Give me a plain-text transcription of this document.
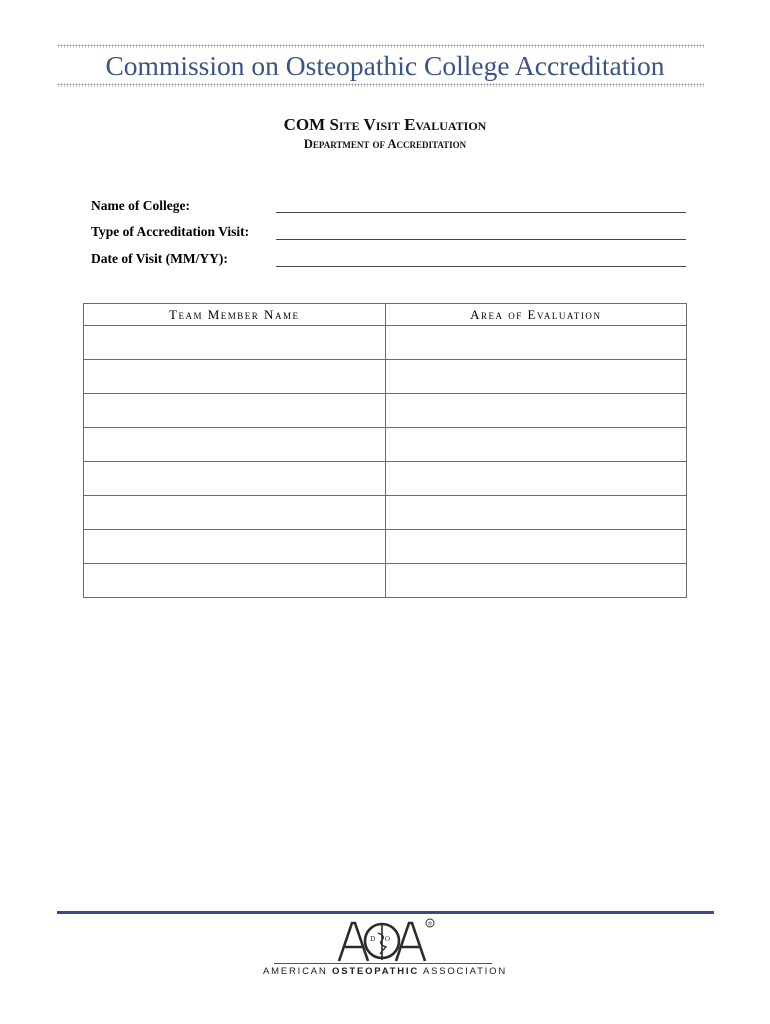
Commission on Osteopathic College Accreditation
COM Site Visit Evaluation
Department of Accreditation
Name of College:
Type of Accreditation Visit:
Date of Visit (MM/YY):
Team Member Name	Area of Evaluation

®
D O
AMERICAN OSTEOPATHIC ASSOCIATION
